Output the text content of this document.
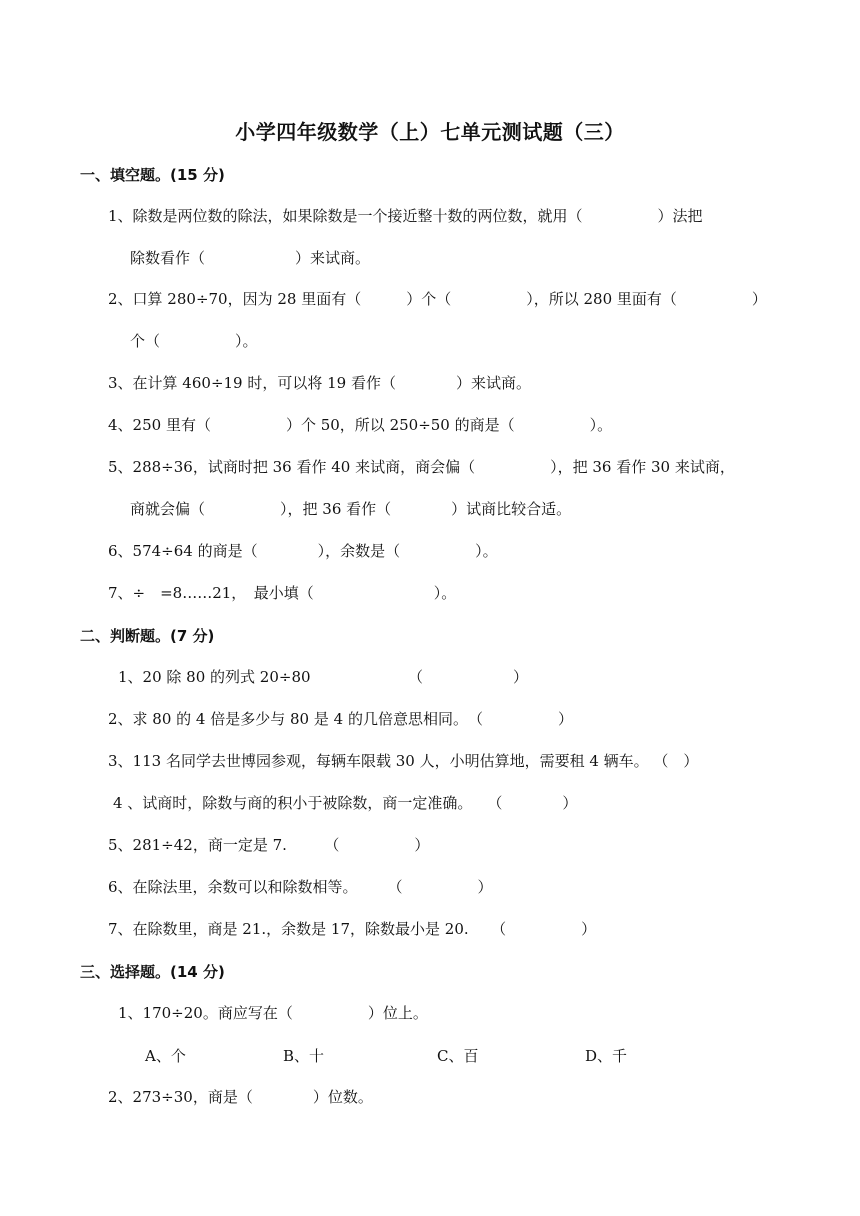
小学四年级数学（上）七单元测试题（三）
一、填空题。(15 分)
1、除数是两位数的除法，如果除数是一个接近整十数的两位数，就用（　　　　　）法把
除数看作（　　　　　　）来试商。
2、口算 280÷70，因为 28 里面有（　　　）个（　　　　　），所以 280 里面有（　　　　　）
个（　　　　　）。
3、在计算 460÷19 时，可以将 19 看作（　　　　）来试商。
4、250 里有（　　　　　）个 50，所以 250÷50 的商是（　　　　　）。
5、288÷36，试商时把 36 看作 40 来试商，商会偏（　　　　　），把 36 看作 30 来试商，
商就会偏（　　　　　），把 36 看作（　　　　）试商比较合适。
6、574÷64 的商是（　　　　），余数是（　　　　　）。
7、÷　=8……21，　最小填（　　　　　　　　）。
二、判断题。(7 分)
1、20 除 80 的列式 20÷80　　　　　　　（　　　　　　）
2、求 80 的 4 倍是多少与 80 是 4 的几倍意思相同。　（　　　　　）
3、113 名同学去世博园参观，每辆车限载 30 人，小明估算地，需要租 4 辆车。 （　）
4 、试商时，除数与商的积小于被除数，商一定准确。　　（　　　　）
5、281÷42，商一定是 7.　　　（　　　　　）
6、在除法里，余数可以和除数相等。　　　（　　　　　）
7、在除数里，商是 21.，余数是 17，除数最小是 20.　　（　　　　　）
三、选择题。(14 分)
1、170÷20。商应写在（　　　　　）位上。
A、个	B、十	C、百	D、千
2、273÷30，商是（　　　　）位数。
